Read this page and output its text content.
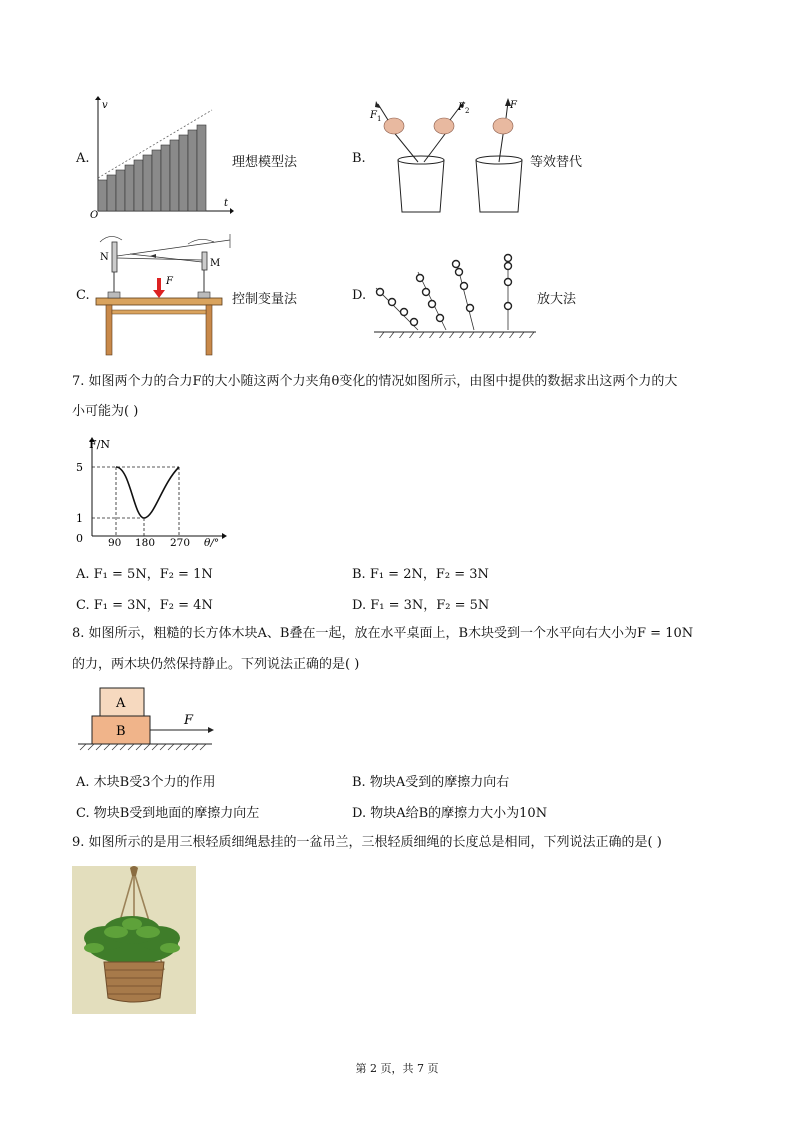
v
t
O
A.	理想模型法
F 1
F 2	F
B.	等效替代
N
M
F
C.	控制变量法	D.	放大法
7. 如图两个力的合力F的大小随这两个力夹角θ变化的情况如图所示，由图中提供的数据求出这两个力的大
小可能为( )
F/N
5
1
0 90 180 270 θ/°
A. F₁ = 5N，F₂ = 1N	B. F₁ = 2N，F₂ = 3N
C. F₁ = 3N，F₂ = 4N	D. F₁ = 3N，F₂ = 5N
8. 如图所示，粗糙的长方体木块A、B叠在一起，放在水平桌面上，B木块受到一个水平向右大小为F = 10N
的力，两木块仍然保持静止。下列说法正确的是( )
A
B
F
A. 木块B受3个力的作用	B. 物块A受到的摩擦力向右
C. 物块B受到地面的摩擦力向左	D. 物块A给B的摩擦力大小为10N
9. 如图所示的是用三根轻质细绳悬挂的一盆吊兰，三根轻质细绳的长度总是相同，下列说法正确的是( )
第 2 页，共 7 页
